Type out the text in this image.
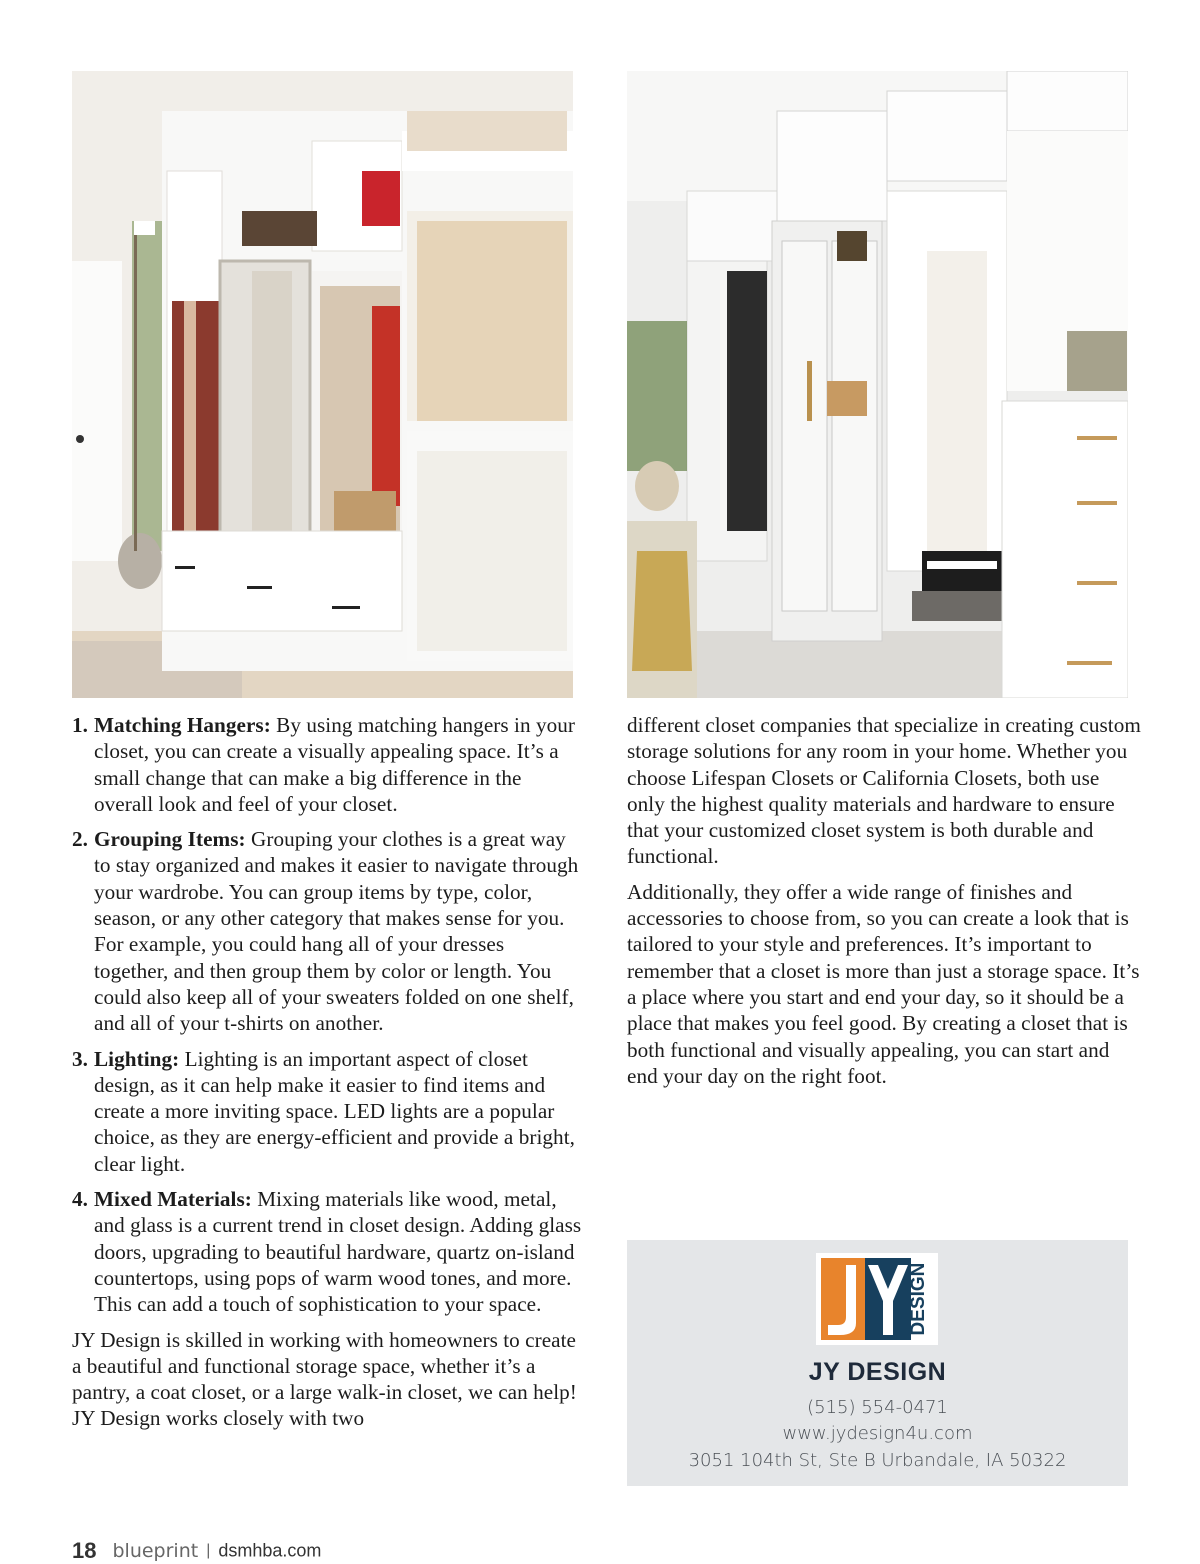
1. Matching Hangers: By using matching hangers in your closet, you can create a visually appealing space. It’s a small change that can make a big difference in the overall look and feel of your closet.
2. Grouping Items: Grouping your clothes is a great way to stay organized and makes it easier to navigate through your wardrobe. You can group items by type, color, season, or any other category that makes sense for you. For example, you could hang all of your dresses together, and then group them by color or length. You could also keep all of your sweaters folded on one shelf, and all of your t-shirts on another.
3. Lighting: Lighting is an important aspect of closet design, as it can help make it easier to find items and create a more inviting space. LED lights are a popular choice, as they are energy-efficient and provide a bright, clear light.
4. Mixed Materials: Mixing materials like wood, metal, and glass is a current trend in closet design. Adding glass doors, upgrading to beautiful hardware, quartz on-island countertops, using pops of warm wood tones, and more. This can add a touch of sophistication to your space.

JY Design is skilled in working with homeowners to create a beautiful and functional storage space, whether it’s a pantry, a coat closet, or a large walk-in closet, we can help! JY Design works closely with two

different closet companies that specialize in creating custom storage solutions for any room in your home. Whether you choose Lifespan Closets or California Closets, both use only the highest quality materials and hardware to ensure that your customized closet system is both durable and functional.

Additionally, they offer a wide range of finishes and accessories to choose from, so you can create a look that is tailored to your style and preferences. It’s important to remember that a closet is more than just a storage space. It’s a place where you start and end your day, so it should be a place that makes you feel good. By creating a closet that is both functional and visually appealing, you can start and end your day on the right foot.

DESIGN
JY DESIGN
(515) 554-0471
www.jydesign4u.com
3051 104th St, Ste B Urbandale, IA 50322
18 blueprint | dsmhba.com
